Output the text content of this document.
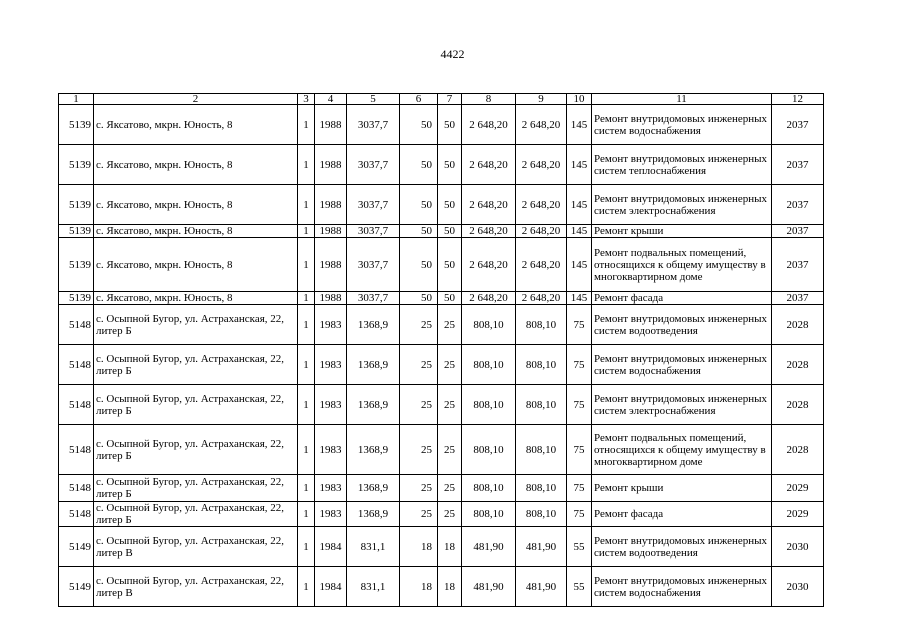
4422
1	2	3	4	5	6	7	8	9	10	11	12
5139	с. Яксатово, мкрн. Юность, 8	1	1988	3037,7	50	50	2 648,20	2 648,20	145	Ремонт внутридомовых инженерных систем водоснабжения	2037
5139	с. Яксатово, мкрн. Юность, 8	1	1988	3037,7	50	50	2 648,20	2 648,20	145	Ремонт внутридомовых инженерных систем теплоснабжения	2037
5139	с. Яксатово, мкрн. Юность, 8	1	1988	3037,7	50	50	2 648,20	2 648,20	145	Ремонт внутридомовых инженерных систем электроснабжения	2037
5139	с. Яксатово, мкрн. Юность, 8	1	1988	3037,7	50	50	2 648,20	2 648,20	145	Ремонт крыши	2037
5139	с. Яксатово, мкрн. Юность, 8	1	1988	3037,7	50	50	2 648,20	2 648,20	145	Ремонт подвальных помещений, относящихся к общему имуществу в многоквартирном доме	2037
5139	с. Яксатово, мкрн. Юность, 8	1	1988	3037,7	50	50	2 648,20	2 648,20	145	Ремонт фасада	2037
5148	с. Осыпной Бугор, ул. Астраханская, 22, литер Б	1	1983	1368,9	25	25	808,10	808,10	75	Ремонт внутридомовых инженерных систем водоотведения	2028
5148	с. Осыпной Бугор, ул. Астраханская, 22, литер Б	1	1983	1368,9	25	25	808,10	808,10	75	Ремонт внутридомовых инженерных систем водоснабжения	2028
5148	с. Осыпной Бугор, ул. Астраханская, 22, литер Б	1	1983	1368,9	25	25	808,10	808,10	75	Ремонт внутридомовых инженерных систем электроснабжения	2028
5148	с. Осыпной Бугор, ул. Астраханская, 22, литер Б	1	1983	1368,9	25	25	808,10	808,10	75	Ремонт подвальных помещений, относящихся к общему имуществу в многоквартирном доме	2028
5148	с. Осыпной Бугор, ул. Астраханская, 22, литер Б	1	1983	1368,9	25	25	808,10	808,10	75	Ремонт крыши	2029
5148	с. Осыпной Бугор, ул. Астраханская, 22, литер Б	1	1983	1368,9	25	25	808,10	808,10	75	Ремонт фасада	2029
5149	с. Осыпной Бугор, ул. Астраханская, 22, литер В	1	1984	831,1	18	18	481,90	481,90	55	Ремонт внутридомовых инженерных систем водоотведения	2030
5149	с. Осыпной Бугор, ул. Астраханская, 22, литер В	1	1984	831,1	18	18	481,90	481,90	55	Ремонт внутридомовых инженерных систем водоснабжения	2030
